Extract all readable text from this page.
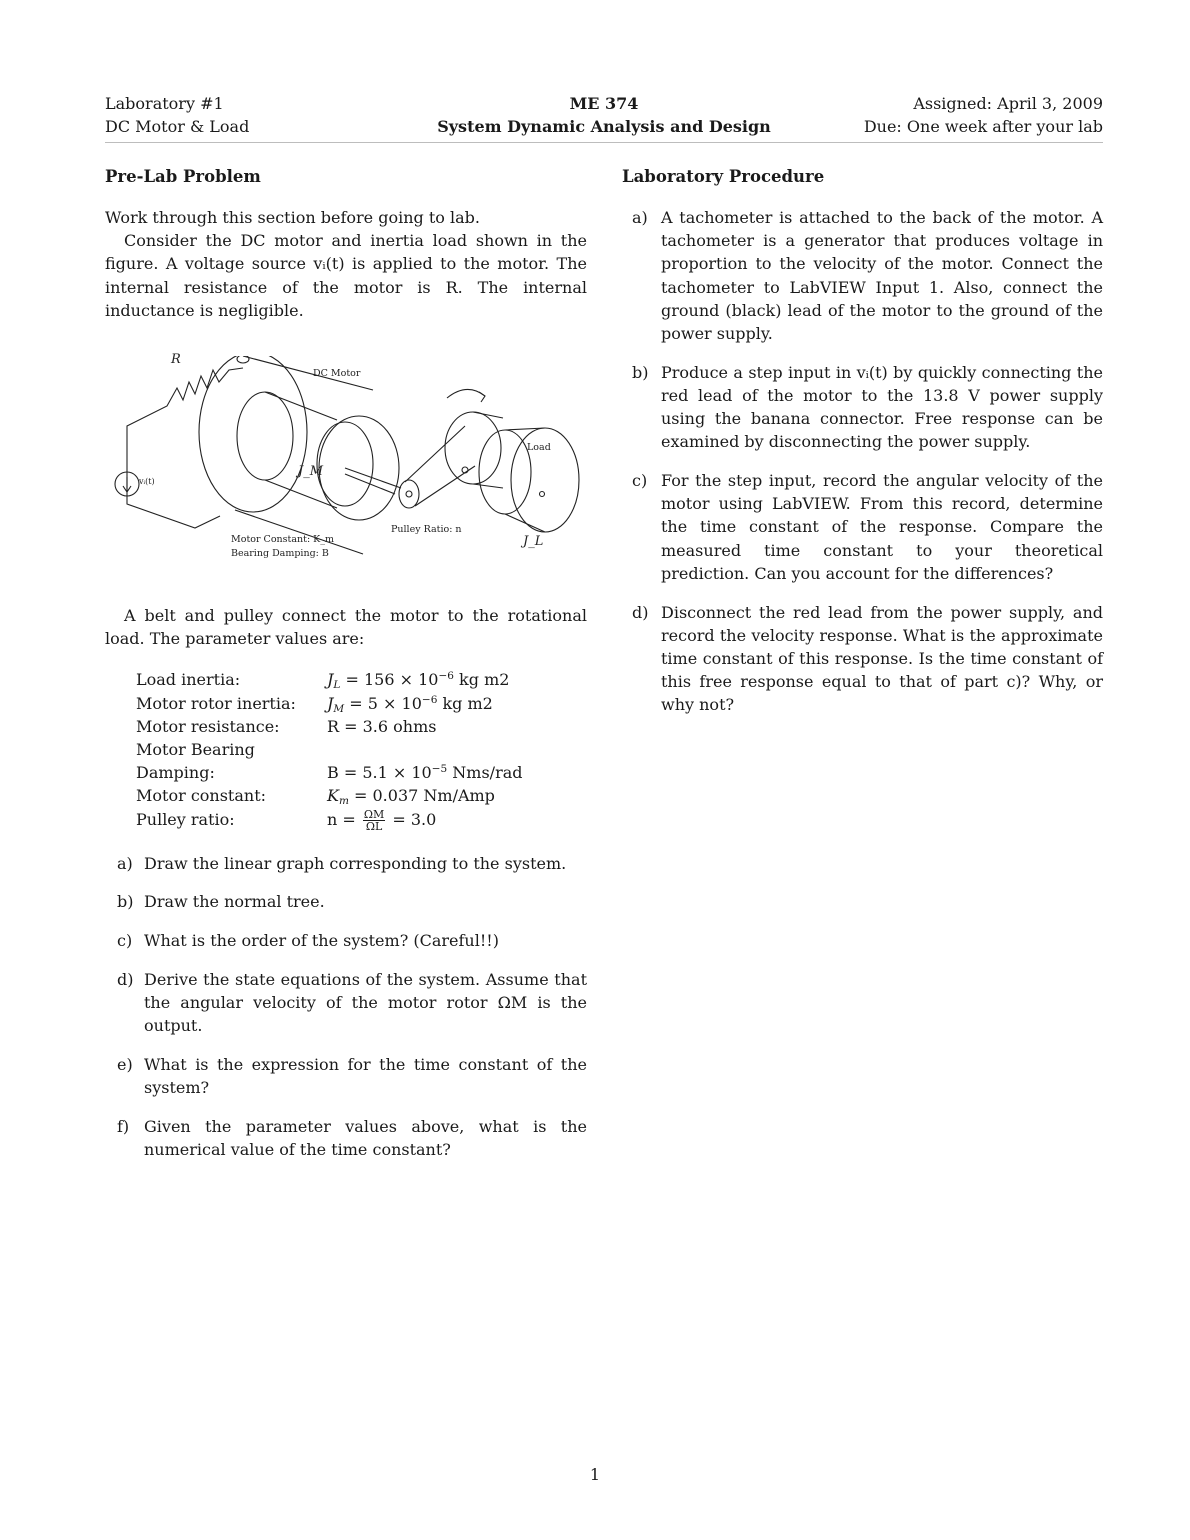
Laboratory #1
DC Motor & Load
ME 374
System Dynamic Analysis and Design
Assigned: April 3, 2009
Due: One week after your lab
Pre-Lab Problem

Work through this section before going to lab.

Consider the DC motor and inertia load shown in the figure. A voltage source vᵢ(t) is applied to the motor. The internal resistance of the motor is R. The internal inductance is negligible.

R
DC Motor
Load
J_M
vᵢ(t)
Motor Constant: K_m
Bearing Damping: B
Pulley Ratio: n
J_L

A belt and pulley connect the motor to the rotational load. The parameter values are:

Load inertia:	$J_L = 156 \times 10^{-6}$ kg m2
Motor rotor inertia:	$J_M = 5 \times 10^{-6}$ kg m2
Motor resistance:	R = 3.6 ohms
Motor Bearing
Damping:	$B = 5.1 \times 10^{-5}$ Nms/rad
Motor constant:	$K_m = 0.037$ Nm/Amp
Pulley ratio:	$n = \frac{\Omega M}{\Omega L} = 3.0$
a) Draw the linear graph corresponding to the system.
b) Draw the normal tree.
c) What is the order of the system? (Careful!!)
d) Derive the state equations of the system. Assume that the angular velocity of the motor rotor ΩM is the output.
e) What is the expression for the time constant of the system?
f) Given the parameter values above, what is the numerical value of the time constant?
Laboratory Procedure
a) A tachometer is attached to the back of the motor. A tachometer is a generator that produces voltage in proportion to the velocity of the motor. Connect the tachometer to LabVIEW Input 1. Also, connect the ground (black) lead of the motor to the ground of the power supply.
b) Produce a step input in vᵢ(t) by quickly connecting the red lead of the motor to the 13.8 V power supply using the banana connector. Free response can be examined by disconnecting the power supply.
c) For the step input, record the angular velocity of the motor using LabVIEW. From this record, determine the time constant of the response. Compare the measured time constant to your theoretical prediction. Can you account for the differences?
d) Disconnect the red lead from the power supply, and record the velocity response. What is the approximate time constant of this response. Is the time constant of this free response equal to that of part c)? Why, or why not?
1
